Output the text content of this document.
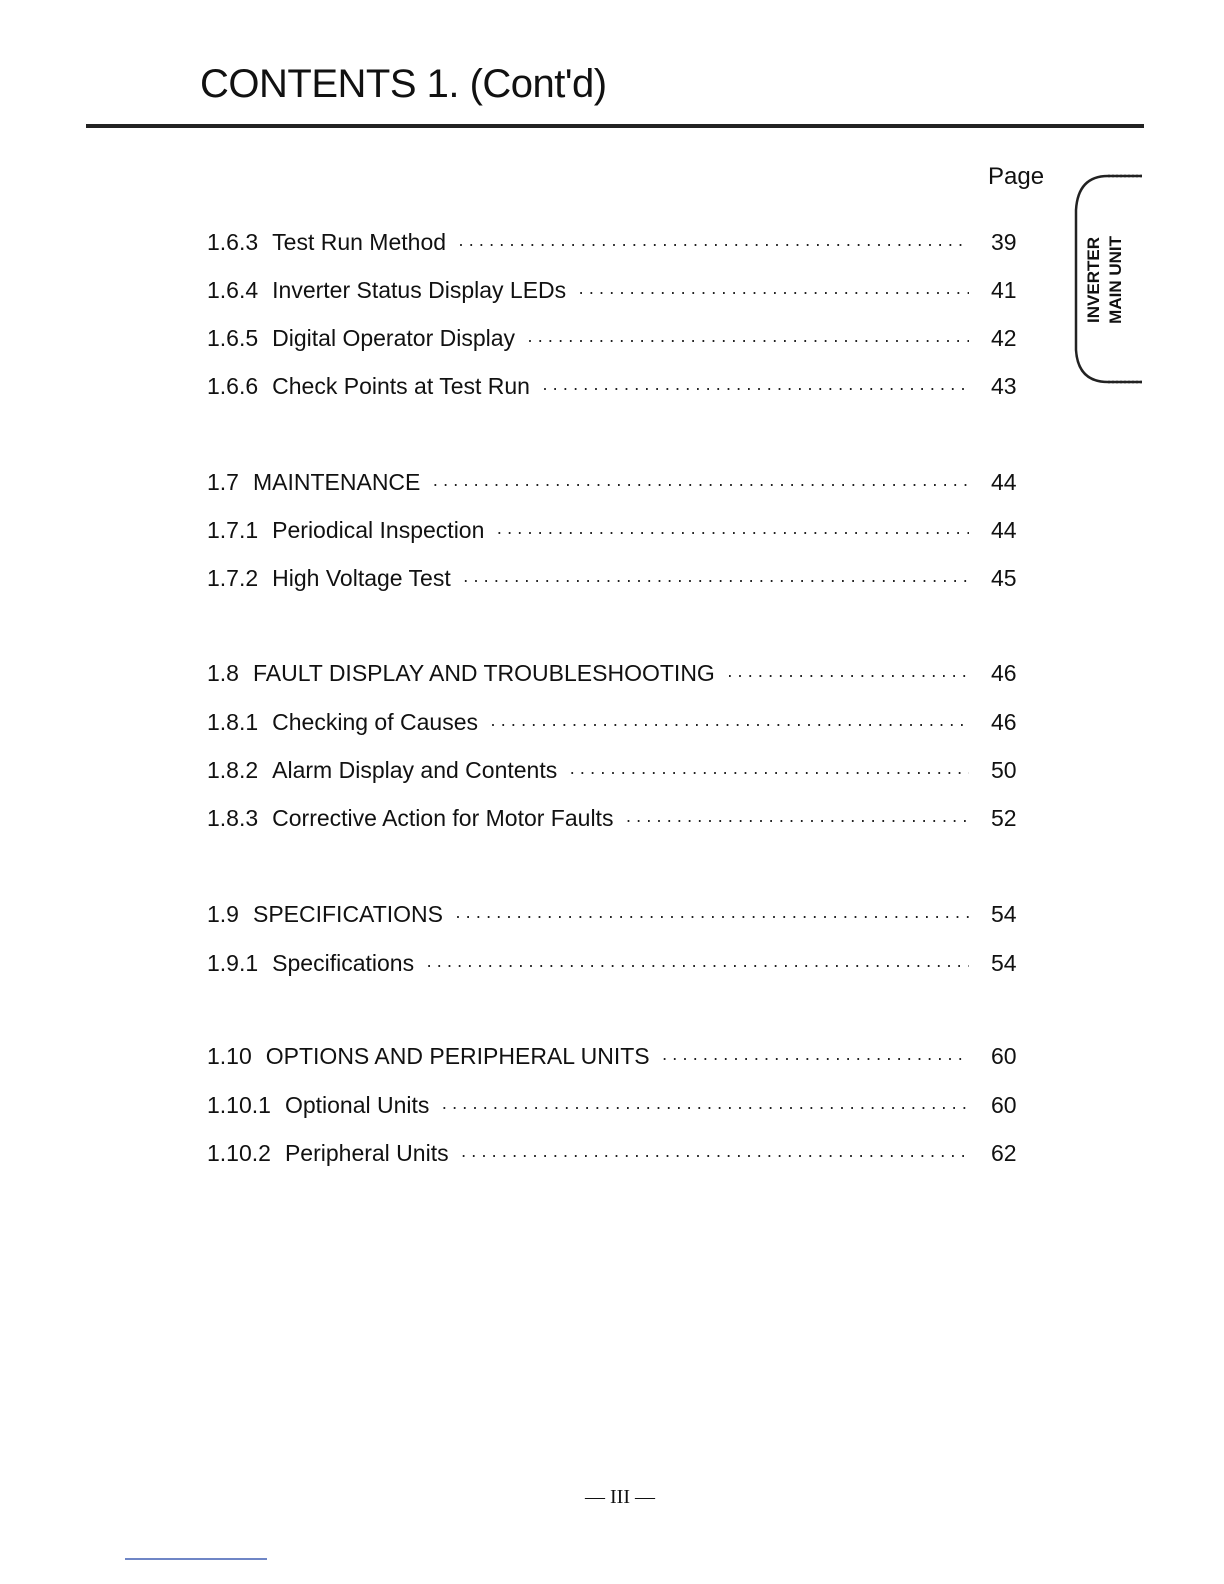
CONTENTS 1. (Cont'd)
Page
INVERTER MAIN UNIT
1.6.3 Test Run Method ·····	39
1.6.4 Inverter Status Display LEDs ·····	41
1.6.5 Digital Operator Display ·····	42
1.6.6 Check Points at Test Run ·····	43
1.7 MAINTENANCE ·····	44
1.7.1 Periodical Inspection ·····	44
1.7.2 High Voltage Test ·····	45
1.8 FAULT DISPLAY AND TROUBLESHOOTING ·····	46
1.8.1 Checking of Causes ·····	46
1.8.2 Alarm Display and Contents ·····	50
1.8.3 Corrective Action for Motor Faults ·····	52
1.9 SPECIFICATIONS ·····	54
1.9.1 Specifications ·····	54
1.10 OPTIONS AND PERIPHERAL UNITS ·····	60
1.10.1 Optional Units ·····	60
1.10.2 Peripheral Units ·····	62
— III —
